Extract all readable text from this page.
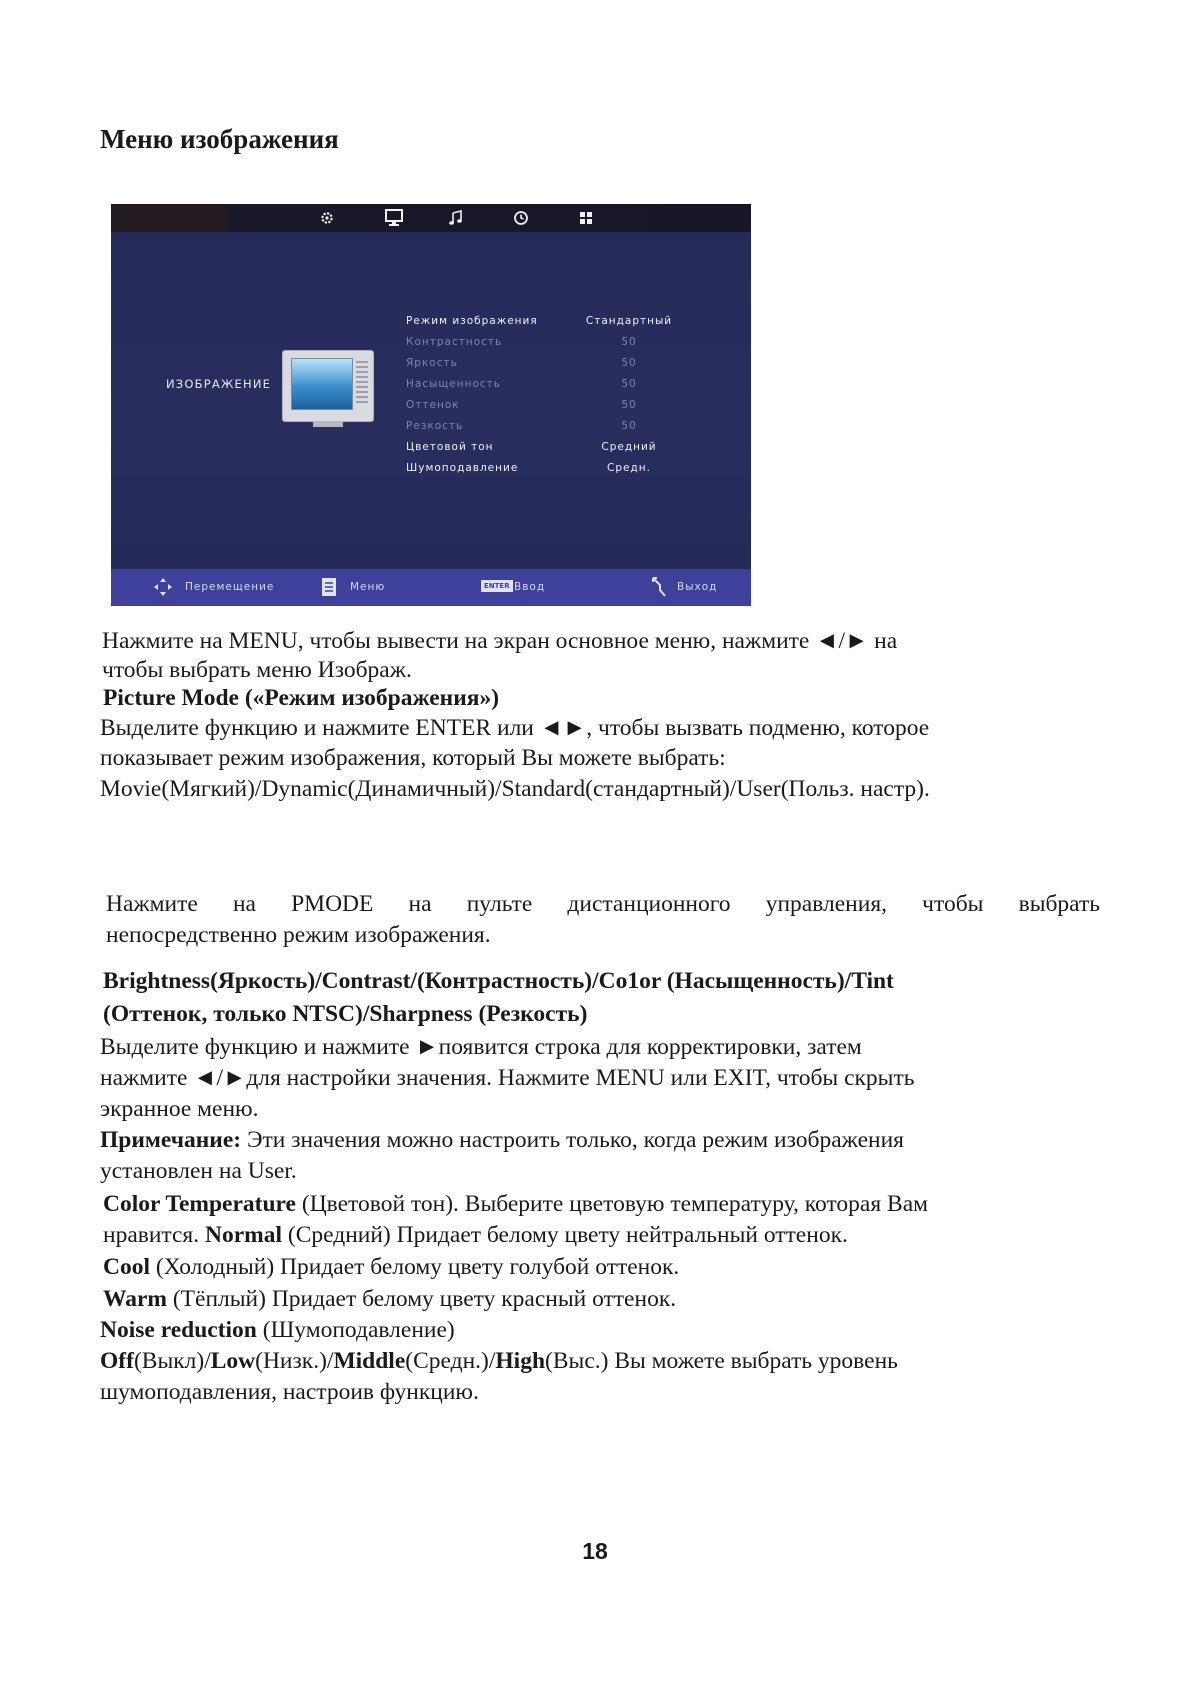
Меню изображения
ИЗОБРАЖЕНИЕ
Режим изображения	Стандартный
Контрастность	50
Яркость	50
Насыщенность	50
Оттенок	50
Резкость	50
Цветовой тон	Средний
Шумоподавление	Средн.
Перемещение	Меню	ENTER Ввод	Выход

Нажмите на MENU, чтобы вывести на экран основное меню, нажмите ◄/► на

чтобы выбрать меню Изображ.

Picture Mode («Режим изображения»)

Выделите функцию и нажмите ENTER или ◄►, чтобы вызвать подменю, которое

показывает режим изображения, который Вы можете выбрать:

Movie(Мягкий)/Dynamic(Динамичный)/Standard(стандартный)/User(Польз. настр).

Нажмите на PMODE на пульте дистанционного управления, чтобы выбрать

непосредственно режим изображения.

Brightness(Яркость)/Contrast/(Контрастность)/Co1or (Насыщенность)/Tint

(Оттенок, только NTSC)/Sharpness (Резкость)

Выделите функцию и нажмите ►появится строка для корректировки, затем

нажмите ◄/►для настройки значения. Нажмите MENU или EXIT, чтобы скрыть

экранное меню.

Примечание: Эти значения можно настроить только, когда режим изображения

установлен на User.

Color Temperature (Цветовой тон). Выберите цветовую температуру, которая Вам

нравится. Normal (Средний) Придает белому цвету нейтральный оттенок.

Cool (Холодный) Придает белому цвету голубой оттенок.

Warm (Тёплый) Придает белому цвету красный оттенок.

Noise reduction (Шумоподавление)

Off(Выкл)/Low(Низк.)/Middle(Средн.)/High(Выс.) Вы можете выбрать уровень

шумоподавления, настроив функцию.

18
